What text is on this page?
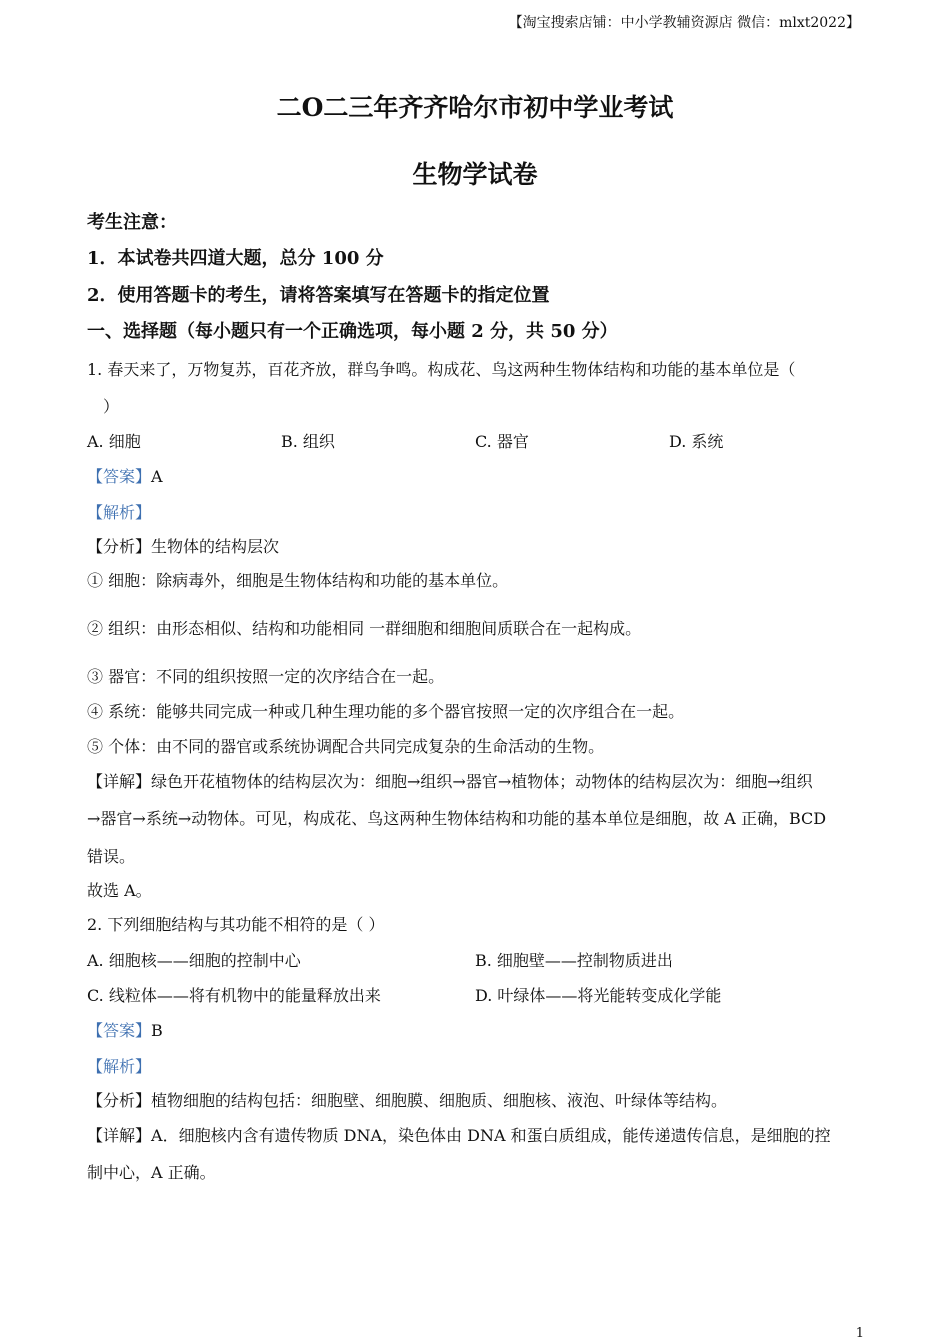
【淘宝搜索店铺：中小学教辅资源店 微信：mlxt2022】
二O二三年齐齐哈尔市初中学业考试
生物学试卷
考生注意：
1．本试卷共四道大题，总分 100 分
2．使用答题卡的考生，请将答案填写在答题卡的指定位置
一、选择题（每小题只有一个正确选项，每小题 2 分，共 50 分）
1. 春天来了，万物复苏，百花齐放，群鸟争鸣。构成花、鸟这两种生物体结构和功能的基本单位是（
）
A. 细胞	B. 组织	C. 器官	D. 系统
【答案】A
【解析】
【分析】生物体的结构层次
① 细胞：除病毒外，细胞是生物体结构和功能的基本单位。
② 组织：由形态相似、结构和功能相同 一群细胞和细胞间质联合在一起构成。
③ 器官：不同的组织按照一定的次序结合在一起。
④ 系统：能够共同完成一种或几种生理功能的多个器官按照一定的次序组合在一起。
⑤ 个体：由不同的器官或系统协调配合共同完成复杂的生命活动的生物。
【详解】绿色开花植物体的结构层次为：细胞→组织→器官→植物体；动物体的结构层次为：细胞→组织
→器官→系统→动物体。可见，构成花、鸟这两种生物体结构和功能的基本单位是细胞，故 A 正确，BCD
错误。
故选 A。
2. 下列细胞结构与其功能不相符的是（ ）
A. 细胞核——细胞的控制中心	B. 细胞壁——控制物质进出
C. 线粒体——将有机物中的能量释放出来	D. 叶绿体——将光能转变成化学能
【答案】B
【解析】
【分析】植物细胞的结构包括：细胞壁、细胞膜、细胞质、细胞核、液泡、叶绿体等结构。
【详解】A．细胞核内含有遗传物质 DNA，染色体由 DNA 和蛋白质组成，能传递遗传信息，是细胞的控
制中心，A 正确。
1
